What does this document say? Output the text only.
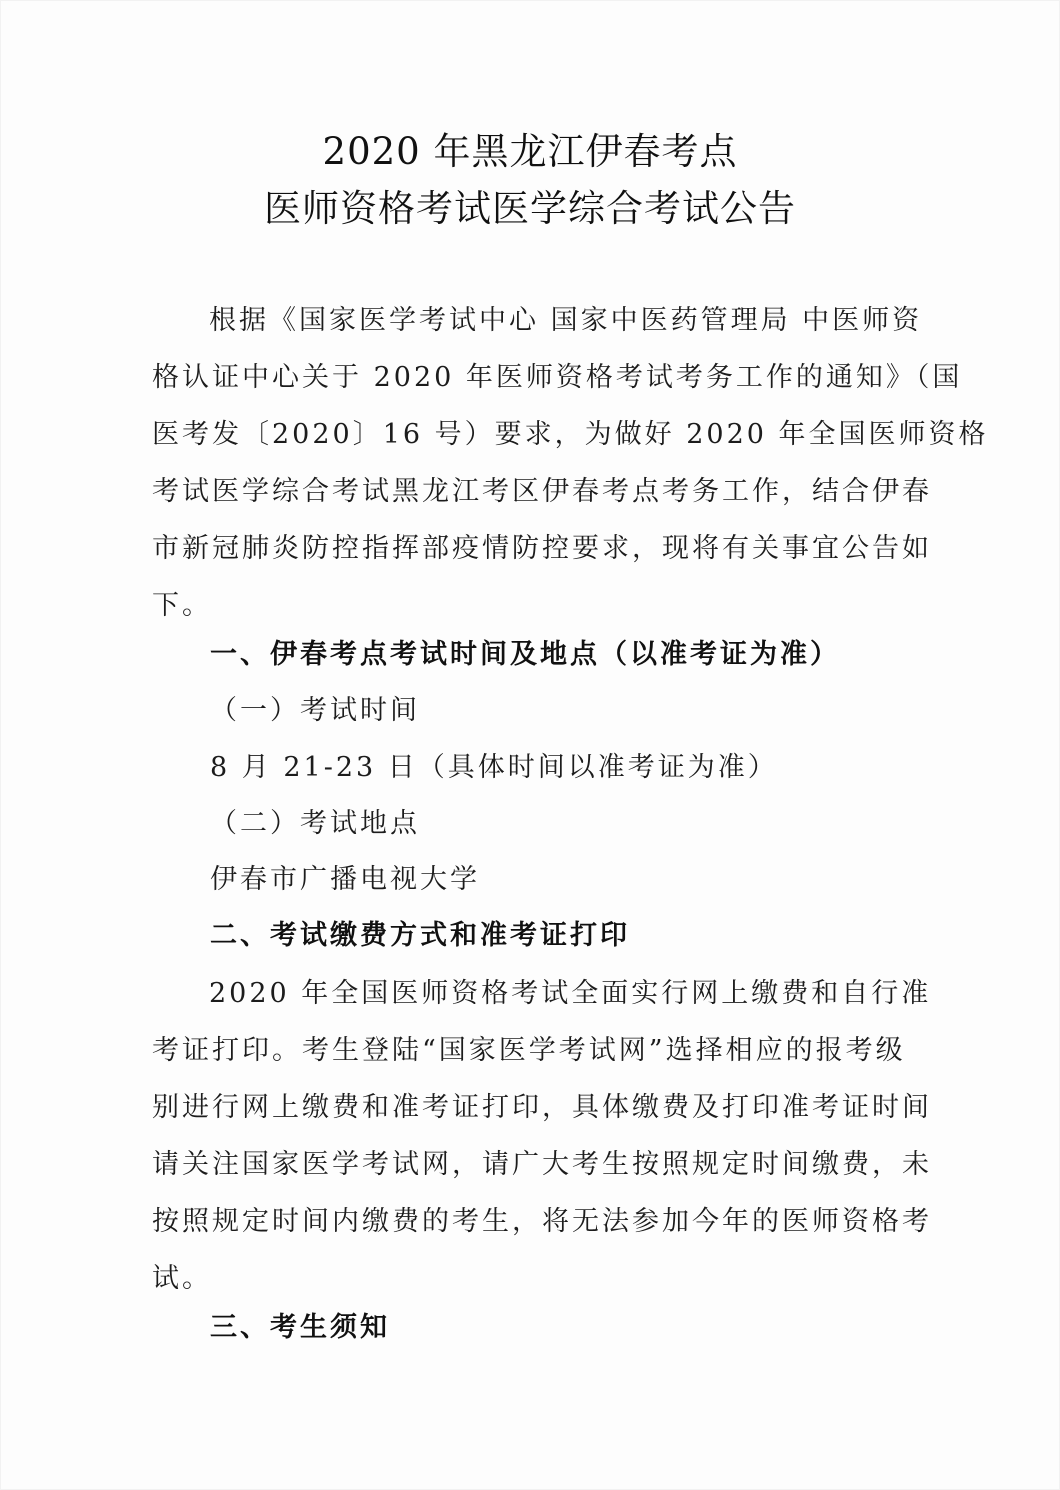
2020 年黑龙江伊春考点
医师资格考试医学综合考试公告
根据《国家医学考试中心 国家中医药管理局 中医师资
格认证中心关于 2020 年医师资格考试考务工作的通知》（国
医考发〔2020〕16 号）要求，为做好 2020 年全国医师资格
考试医学综合考试黑龙江考区伊春考点考务工作，结合伊春
市新冠肺炎防控指挥部疫情防控要求，现将有关事宜公告如
下。
一、伊春考点考试时间及地点（以准考证为准）
（一）考试时间
8 月 21-23 日（具体时间以准考证为准）
（二）考试地点
伊春市广播电视大学
二、考试缴费方式和准考证打印
2020 年全国医师资格考试全面实行网上缴费和自行准
考证打印。考生登陆“国家医学考试网”选择相应的报考级
别进行网上缴费和准考证打印，具体缴费及打印准考证时间
请关注国家医学考试网，请广大考生按照规定时间缴费，未
按照规定时间内缴费的考生，将无法参加今年的医师资格考
试。
三、考生须知
